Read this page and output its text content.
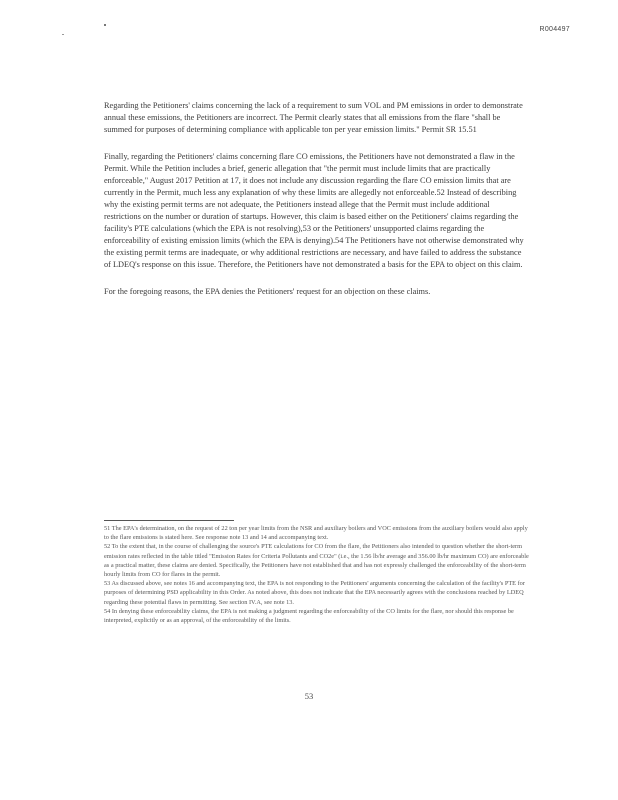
R004497

Regarding the Petitioners' claims concerning the lack of a requirement to sum VOL and PM emissions in order to demonstrate annual these emissions, the Petitioners are incorrect. The Permit clearly states that all emissions from the flare "shall be summed for purposes of determining compliance with applicable ton per year emission limits." Permit SR 15.51

Finally, regarding the Petitioners' claims concerning flare CO emissions, the Petitioners have not demonstrated a flaw in the Permit. While the Petition includes a brief, generic allegation that "the permit must include limits that are practically enforceable," August 2017 Petition at 17, it does not include any discussion regarding the flare CO emission limits that are currently in the Permit, much less any explanation of why these limits are allegedly not enforceable.52 Instead of describing why the existing permit terms are not adequate, the Petitioners instead allege that the Permit must include additional restrictions on the number or duration of startups. However, this claim is based either on the Petitioners' claims regarding the facility's PTE calculations (which the EPA is not resolving),53 or the Petitioners' unsupported claims regarding the enforceability of existing emission limits (which the EPA is denying).54 The Petitioners have not otherwise demonstrated why the existing permit terms are inadequate, or why additional restrictions are necessary, and have failed to address the substance of LDEQ's response on this issue. Therefore, the Petitioners have not demonstrated a basis for the EPA to object on this claim.

For the foregoing reasons, the EPA denies the Petitioners' request for an objection on these claims.

51 The EPA's determination, on the request of 22 ton per year limits from the NSR and auxiliary boilers and VOC emissions from the auxiliary boilers would also apply to the flare emissions is stated here. See response note 13 and 14 and accompanying text.

52 To the extent that, in the course of challenging the source's PTE calculations for CO from the flare, the Petitioners also intended to question whether the short-term emission rates reflected in the table titled "Emission Rates for Criteria Pollutants and CO2e" (i.e., the 1.56 lb/hr average and 356.00 lb/hr maximum CO) are enforceable as a practical matter, these claims are denied. Specifically, the Petitioners have not established that and has not expressly challenged the enforceability of the short-term hourly limits from CO for flares in the permit.

53 As discussed above, see notes 16 and accompanying text, the EPA is not responding to the Petitioners' arguments concerning the calculation of the facility's PTE for purposes of determining PSD applicability in this Order. As noted above, this does not indicate that the EPA necessarily agrees with the conclusions reached by LDEQ regarding these potential flaws in permitting. See section IV.A, see note 13.

54 In denying these enforceability claims, the EPA is not making a judgment regarding the enforceability of the CO limits for the flare, nor should this response be interpreted, explicitly or as an approval, of the enforceability of the limits.

53
